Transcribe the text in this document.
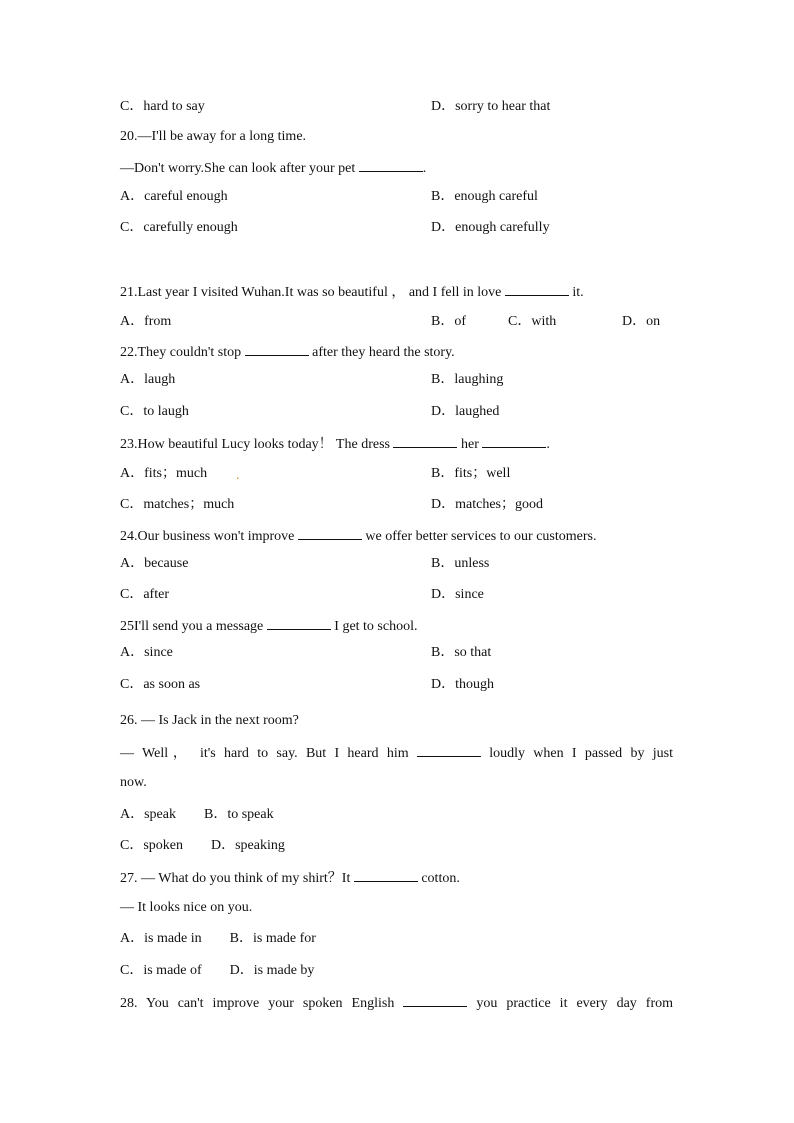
C．hard to say	D．sorry to hear that
20.—I'll be away for a long time.
—Don't worry.She can look after your pet	.
A．careful enough	B．enough careful
C．carefully enough	D．enough carefully
21.Last year I visited Wuhan.It was so beautiful ， and I fell in love	it.
A．from	B．of	C．with	D．on
22.They couldn't stop	after they heard the story.
A．laugh	B．laughing
C．to laugh	D．laughed
23.How beautiful Lucy looks today！ The dress	her	.
A．fits；much .	B．fits；well
C．matches；much	D．matches；good
24.Our business won't improve	we offer better services to our customers.
A．because	B．unless
C．after	D．since
25I'll send you a message	I get to school.
A．since	B．so that
C．as soon as	D．though
26. — Is Jack in the next room?
— Well， it's hard to say. But I heard him	loudly when I passed by just
now.
A．speak　　B．to speak
C．spoken　　D．speaking
27. — What do you think of my shirt？It	cotton.
— It looks nice on you.
A．is made in　　B．is made for
C．is made of　　D．is made by
28. You can't improve your spoken English	you practice it every day from
